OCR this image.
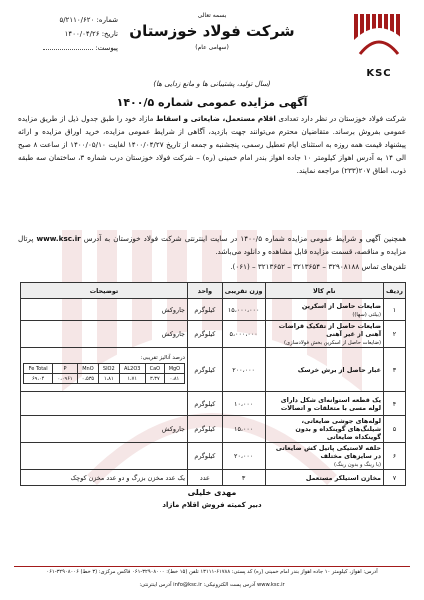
بسمه تعالی
شرکت فولاد خوزستان
(سهامی عام)
شماره: ۵/۲۱۱۰/۶۲۰
تاریخ: ۱۴۰۰/۰۴/۲۶
پیوست:
KSC
(سال تولید، پشتیبانی ها و مانع زدایی ها)
آگهی مزایده عمومی شماره ۱۴۰۰/۵
شرکت فولاد خوزستان در نظر دارد تعدادی اقلام مستعمل، ضایعاتی و اسقاط مازاد خود را طبق جدول ذیل از طریق مزایده عمومی بفروش برساند. متقاضیان محترم می‌توانند جهت بازدید، آگاهی از شرایط عمومی مزایده، خرید اوراق مزایده و ارائه پیشنهاد قیمت همه روزه به استثنای ایام تعطیل رسمی، پنجشنبه و جمعه از تاریخ ۱۴۰۰/۰۴/۲۷ لغایت ۱۴۰۰/۰۵/۱۰ از ساعت ۸ صبح الی ۱۴ به آدرس اهواز کیلومتر ۱۰ جاده اهواز بندر امام خمینی (ره) – شرکت فولاد خوزستان درب شماره ۳، ساختمان سه طبقه ذوب، اطاق ۲۰۷(۲۳۳) مراجعه نمایند.
همچنین آگهی و شرایط عمومی مزایده شماره ۱۴۰۰/۵ در سایت اینترنتی شرکت فولاد خوزستان به آدرس www.ksc.ir پرتال مزایده و مناقصه، قسمت مزایده قابل مشاهده و دانلود می‌باشد.
تلفن‌های تماس ۳۲۹۰۸۱۸۸ – ۳۲۱۳۶۵۴ – ۳۲۱۳۶۵۲ – (۰۶۱).
ردیف	نام کالا	وزن تقریبی	واحد	توضیحات
۱	ضایعات حاصل از اسکرین
(بیلتی (سها))	۱۵،۰۰۰،۰۰۰	کیلوگرم	جاروکش
۲	ضایعات حاصل از تفکیک قراضات آهنی از غیر آهنی
(ضایعات حاصل از اسکرین بخش فولادسازی)	۵،۰۰۰،۰۰۰	کیلوگرم	جاروکش
۳	غبار حاصل از برش خرسک	۲۰۰،۰۰۰	کیلوگرم	
درصد آنالیز تقریبی:
Fe Total	P	MnO	SIO2	AL2O3	CaO	MgO
۶۹،۰۴	۰،۰۹۶۱	۰،۵۳۵	۱،۸۱	۱،۷۱	۳،۳۷	۰،۸۱

۴	یک قطعه استوانه‌ای شکل دارای لوله مسی با متعلقات و اتصالات	۱۰،۰۰۰	کیلوگرم	
۵	لوله‌های جوشی ضایعاتی، شیلنگ‌های گوینکداه و بدون گوینکداه ضایعاتی	۱۵،۰۰۰	کیلوگرم	جاروکش
۶	حلقه لاستیکی پاتیل کش ضایعاتی در سایزهای مختلف
(با رینگ و بدون رینگ)	۲۰،۰۰۰	کیلوگرم	
۷	مخازن استیلکر مستعمل	۳	عدد	یک عدد مخزن بزرگ و دو عدد مخزن کوچک
مهدی خلیلی
دبیر کمیته فروش اقلام مازاد
آدرس: اهواز، کیلومتر ۱۰ جاده اهواز بندر امام خمینی (ره) کد پستی: ۶۱۷۸۸-۱۳۱۱۱ تلفن (۱۵ خط): ۳۲۹۰۸۰۰۰-۰۶۱ فاکس مرکزی: (۳ خط) ۳۲۹۰۸۰۰۶-۰۶۱
www.ksc.ir آدرس پست الکترونیکی: info@ksc.ir آدرس اینترنتی:
